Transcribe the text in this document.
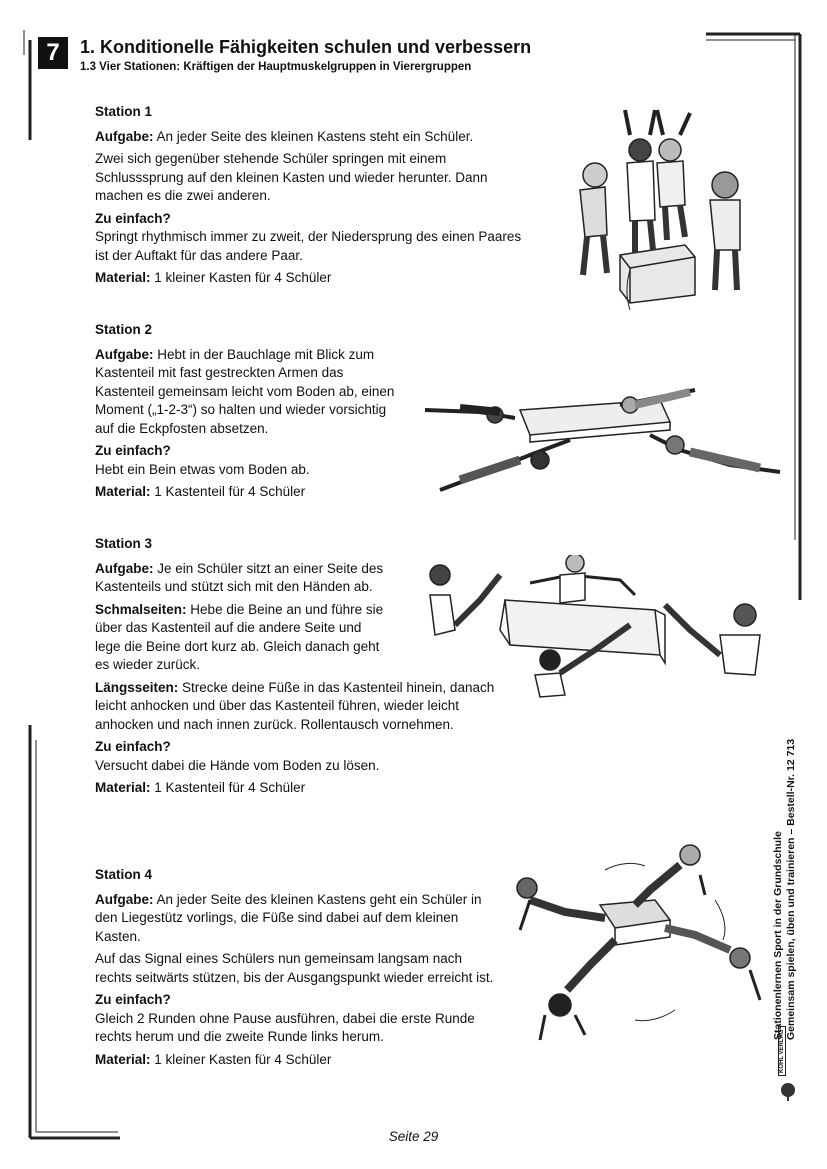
7	1. Konditionelle Fähigkeiten schulen und verbessern
1.3 Vier Stationen: Kräftigen der Hauptmuskelgruppen in Vierergruppen
Station 1

Aufgabe: An jeder Seite des kleinen Kastens steht ein Schüler.

Zwei sich gegenüber stehende Schüler springen mit einem Schlusssprung auf den kleinen Kasten und wieder herunter. Dann machen es die zwei anderen.

Zu einfach?

Springt rhythmisch immer zu zweit, der Niedersprung des einen Paares ist der Auftakt für das andere Paar.

Material: 1 kleiner Kasten für 4 Schüler

Station 2

Aufgabe: Hebt in der Bauchlage mit Blick zum Kastenteil mit fast gestreckten Armen das Kastenteil gemeinsam leicht vom Boden ab, einen Moment („1-2-3“) so halten und wieder vorsichtig auf die Eckpfosten absetzen.

Zu einfach?

Hebt ein Bein etwas vom Boden ab.

Material: 1 Kastenteil für 4 Schüler

Station 3

Aufgabe: Je ein Schüler sitzt an einer Seite des Kastenteils und stützt sich mit den Händen ab.

Schmalseiten: Hebe die Beine an und führe sie über das Kastenteil auf die andere Seite und lege die Beine dort kurz ab. Gleich danach geht es wieder zurück.

Längsseiten: Strecke deine Füße in das Kastenteil hinein, danach leicht anhocken und über das Kastenteil führen, wieder leicht anhocken und nach innen zurück. Rollentausch vornehmen.

Zu einfach?

Versucht dabei die Hände vom Boden zu lösen.

Material: 1 Kastenteil für 4 Schüler

Station 4

Aufgabe: An jeder Seite des kleinen Kastens geht ein Schüler in den Liegestütz vorlings, die Füße sind dabei auf dem kleinen Kasten.

Auf das Signal eines Schülers nun gemeinsam langsam nach rechts seitwärts stützen, bis der Ausgangspunkt wieder erreicht ist.

Zu einfach?

Gleich 2 Runden ohne Pause ausführen, dabei die erste Runde rechts herum und die zweite Runde links herum.

Material: 1 kleiner Kasten für 4 Schüler

Stationenlernen Sport in der Grundschule Gemeinsam spielen, üben und trainieren – Bestell-Nr. 12 713
KOHL VERLAG
Seite 29
